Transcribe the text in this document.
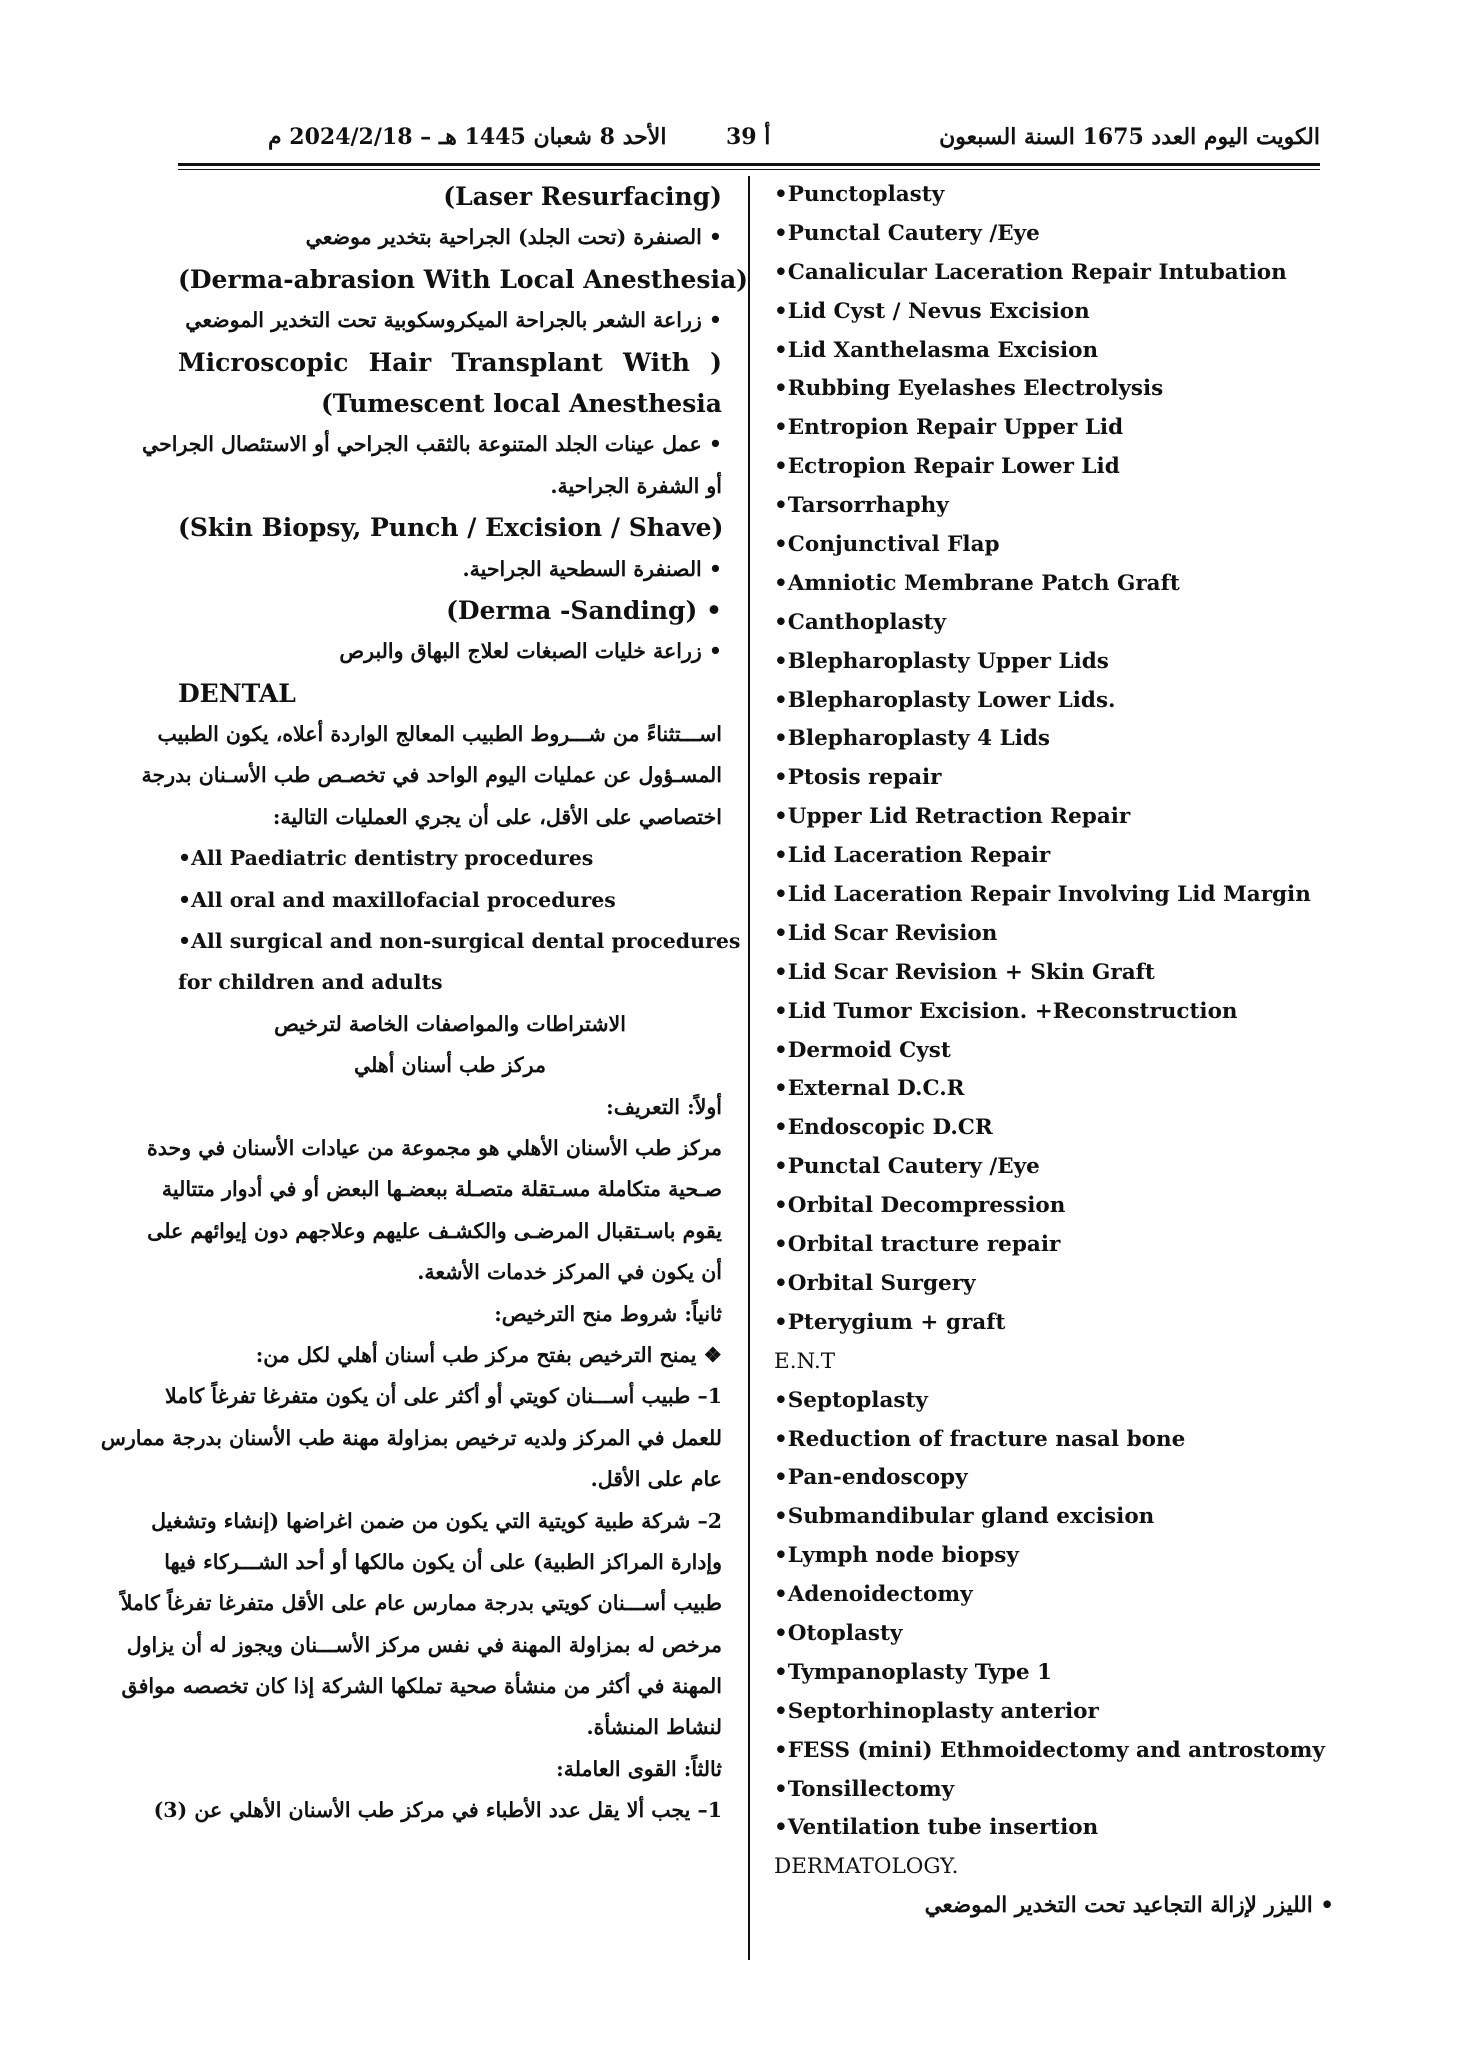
الأحد 8 شعبان 1445 هـ – 2024/2/18 م	أ 39	الكويت اليوم العدد 1675 السنة السبعون
(Laser Resurfacing)
• الصنفرة (تحت الجلد) الجراحية بتخدير موضعي
(Derma-abrasion With Local Anesthesia)
• زراعة الشعر بالجراحة الميكروسكوبية تحت التخدير الموضعي
Microscopic Hair Transplant With )
(Tumescent local Anesthesia
• عمل عينات الجلد المتنوعة بالثقب الجراحي أو الاستئصال الجراحي
أو الشفرة الجراحية.
(Skin Biopsy, Punch / Excision / Shave)
• الصنفرة السطحية الجراحية.
(Derma -Sanding) •
• زراعة خليات الصبغات لعلاج البهاق والبرص
DENTAL
اســـتثناءً من شـــروط الطبيب المعالج الواردة أعلاه، يكون الطبيب
المسـؤول عن عمليات اليوم الواحد في تخصـص طب الأسـنان بدرجة
اختصاصي على الأقل، على أن يجري العمليات التالية:
•All Paediatric dentistry procedures
•All oral and maxillofacial procedures
•All surgical and non-surgical dental procedures
for children and adults
الاشتراطات والمواصفات الخاصة لترخيص
مركز طب أسنان أهلي
أولاً: التعريف:
مركز طب الأسنان الأهلي هو مجموعة من عيادات الأسنان في وحدة
صـحية متكاملة مسـتقلة متصـلة ببعضـها البعض أو في أدوار متتالية
يقوم باسـتقبال المرضـى والكشـف عليهم وعلاجهم دون إيوائهم على
أن يكون في المركز خدمات الأشعة.
ثانياً: شروط منح الترخيص:
❖ يمنح الترخيص بفتح مركز طب أسنان أهلي لكل من:
1– طبيب أســـنان كويتي أو أكثر على أن يكون متفرغا تفرغاً كاملا
للعمل في المركز ولديه ترخيص بمزاولة مهنة طب الأسنان بدرجة ممارس
عام على الأقل.
2– شركة طبية كويتية التي يكون من ضمن اغراضها (إنشاء وتشغيل
وإدارة المراكز الطبية) على أن يكون مالكها أو أحد الشـــركاء فيها
طبيب أســـنان كويتي بدرجة ممارس عام على الأقل متفرغا تفرغاً كاملاً
مرخص له بمزاولة المهنة في نفس مركز الأســـنان ويجوز له أن يزاول
المهنة في أكثر من منشأة صحية تملكها الشركة إذا كان تخصصه موافق
لنشاط المنشأة.
ثالثاً: القوى العاملة:
1– يجب ألا يقل عدد الأطباء في مركز طب الأسنان الأهلي عن (3)
•Punctoplasty
•Punctal Cautery /Eye
•Canalicular Laceration Repair Intubation
•Lid Cyst / Nevus Excision
•Lid Xanthelasma Excision
•Rubbing Eyelashes Electrolysis
•Entropion Repair Upper Lid
•Ectropion Repair Lower Lid
•Tarsorrhaphy
•Conjunctival Flap
•Amniotic Membrane Patch Graft
•Canthoplasty
•Blepharoplasty Upper Lids
•Blepharoplasty Lower Lids.
•Blepharoplasty 4 Lids
•Ptosis repair
•Upper Lid Retraction Repair
•Lid Laceration Repair
•Lid Laceration Repair Involving Lid Margin
•Lid Scar Revision
•Lid Scar Revision + Skin Graft
•Lid Tumor Excision. +Reconstruction
•Dermoid Cyst
•External D.C.R
•Endoscopic D.CR
•Punctal Cautery /Eye
•Orbital Decompression
•Orbital tracture repair
•Orbital Surgery
•Pterygium + graft
E.N.T
•Septoplasty
•Reduction of fracture nasal bone
•Pan-endoscopy
•Submandibular gland excision
•Lymph node biopsy
•Adenoidectomy
•Otoplasty
•Tympanoplasty Type 1
•Septorhinoplasty anterior
•FESS (mini) Ethmoidectomy and antrostomy
•Tonsillectomy
•Ventilation tube insertion
DERMATOLOGY.
• الليزر لإزالة التجاعيد تحت التخدير الموضعي
